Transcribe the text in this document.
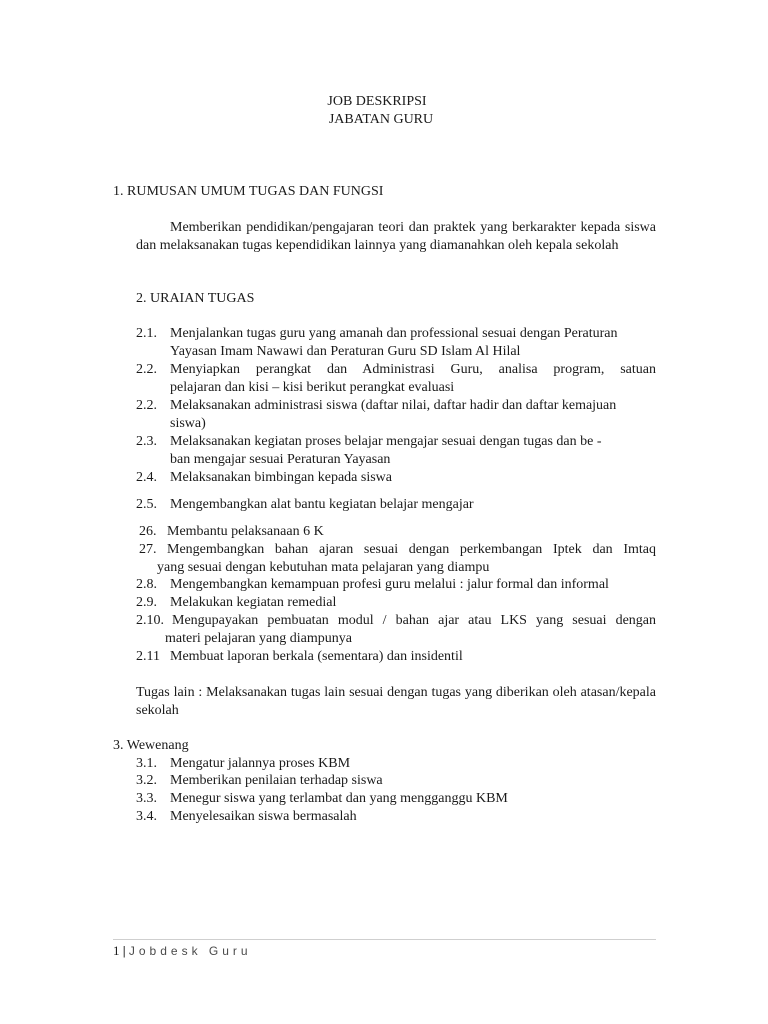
JOB DESKRIPSI
JABATAN GURU
1. RUMUSAN UMUM TUGAS DAN FUNGSI
Memberikan pendidikan/pengajaran teori dan praktek yang berkarakter kepada siswa dan melaksanakan tugas kependidikan lainnya yang diamanahkan oleh kepala sekolah
2. URAIAN TUGAS
2.1. Menjalankan tugas guru yang amanah dan professional sesuai dengan Peraturan
Yayasan Imam Nawawi dan Peraturan Guru SD Islam Al Hilal
2.2. Menyiapkan perangkat dan Administrasi Guru, analisa program, satuan
pelajaran dan kisi – kisi berikut perangkat evaluasi
2.2. Melaksanakan administrasi siswa (daftar nilai, daftar hadir dan daftar kemajuan
siswa)
2.3. Melaksanakan kegiatan proses belajar mengajar sesuai dengan tugas dan be -
ban mengajar sesuai Peraturan Yayasan
2.4. Melaksanakan bimbingan kepada siswa
2.5. Mengembangkan alat bantu kegiatan belajar mengajar
26. Membantu pelaksanaan 6 K
27. Mengembangkan bahan ajaran sesuai dengan perkembangan Iptek dan Imtaq
yang sesuai dengan kebutuhan mata pelajaran yang diampu
2.8. Mengembangkan kemampuan profesi guru melalui : jalur formal dan informal
2.9. Melakukan kegiatan remedial
2.10. Mengupayakan pembuatan modul / bahan ajar atau LKS yang sesuai dengan
materi pelajaran yang diampunya
2.11 Membuat laporan berkala (sementara) dan insidentil
Tugas lain : Melaksanakan tugas lain sesuai dengan tugas yang diberikan oleh atasan/kepala sekolah
3. Wewenang
3.1. Mengatur jalannya proses KBM
3.2. Memberikan penilaian terhadap siswa
3.3. Menegur siswa yang terlambat dan yang mengganggu KBM
3.4. Menyelesaikan siswa bermasalah
1 | Jobdesk Guru
